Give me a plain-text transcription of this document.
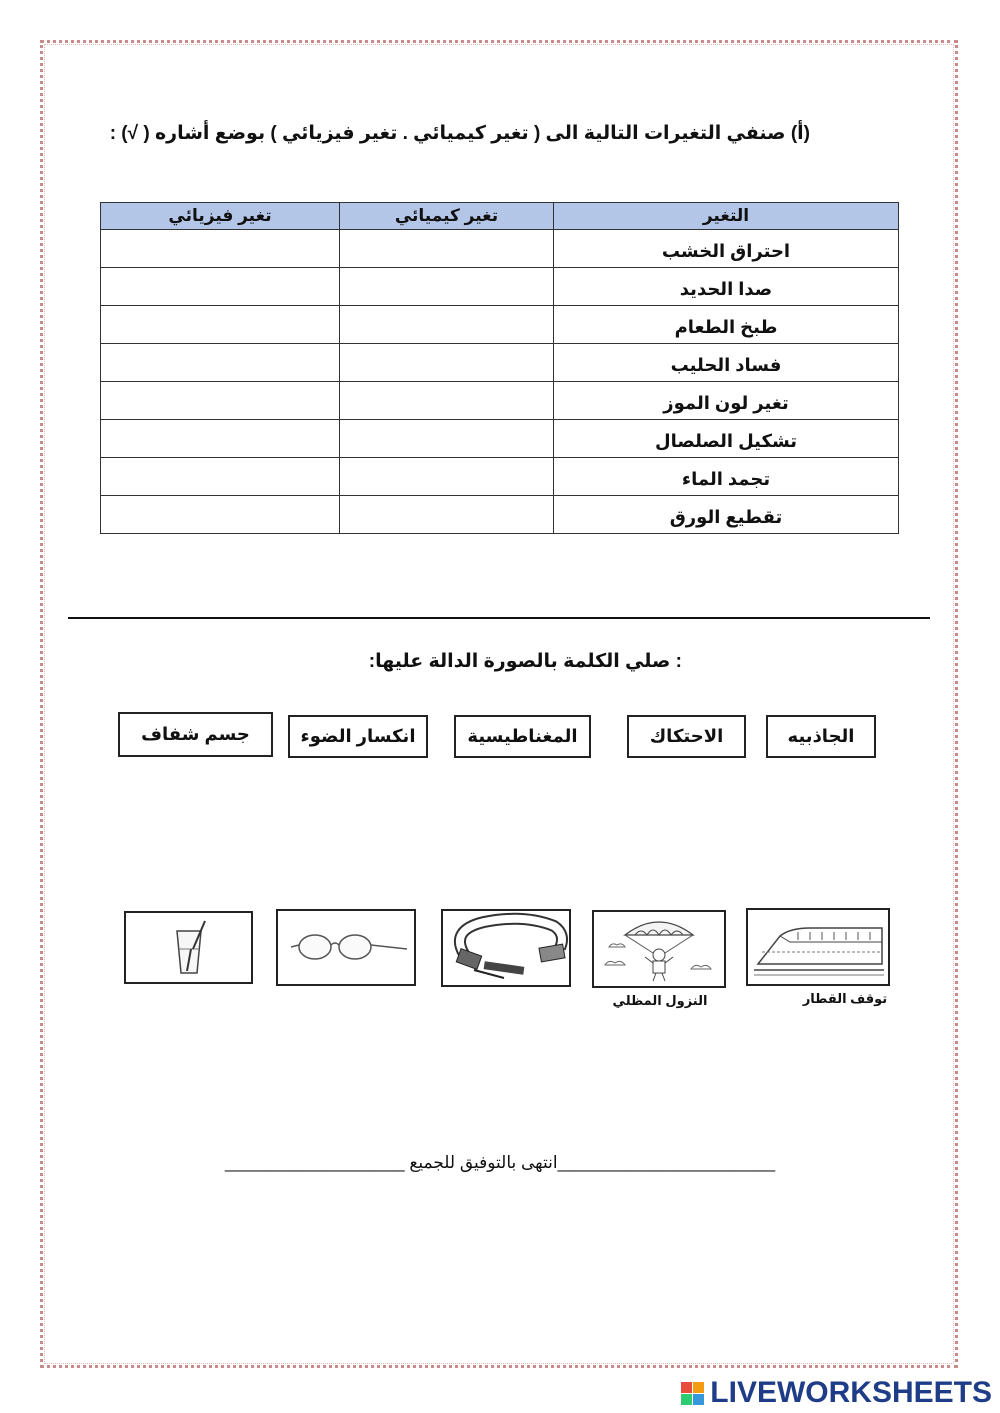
(أ) صنفي التغيرات التالية الى ( تغير كيميائي . تغير فيزيائي ) بوضع أشاره ( √) :
التغير	تغير كيميائي	تغير فيزيائي
احتراق الخشب		
صدا الحديد		
طبخ الطعام		
فساد الحليب		
تغير لون الموز		
تشكيل الصلصال		
تجمد الماء		
تقطيع الورق		
: صلي الكلمة بالصورة الدالة عليها:
الجاذبيه
الاحتكاك
المغناطيسية
انكسار الضوء
جسم شفاف
توقف القطار
النزول المظلي
_______________________انتهى بالتوفيق للجميع ___________________
LIVEWORKSHEETS
